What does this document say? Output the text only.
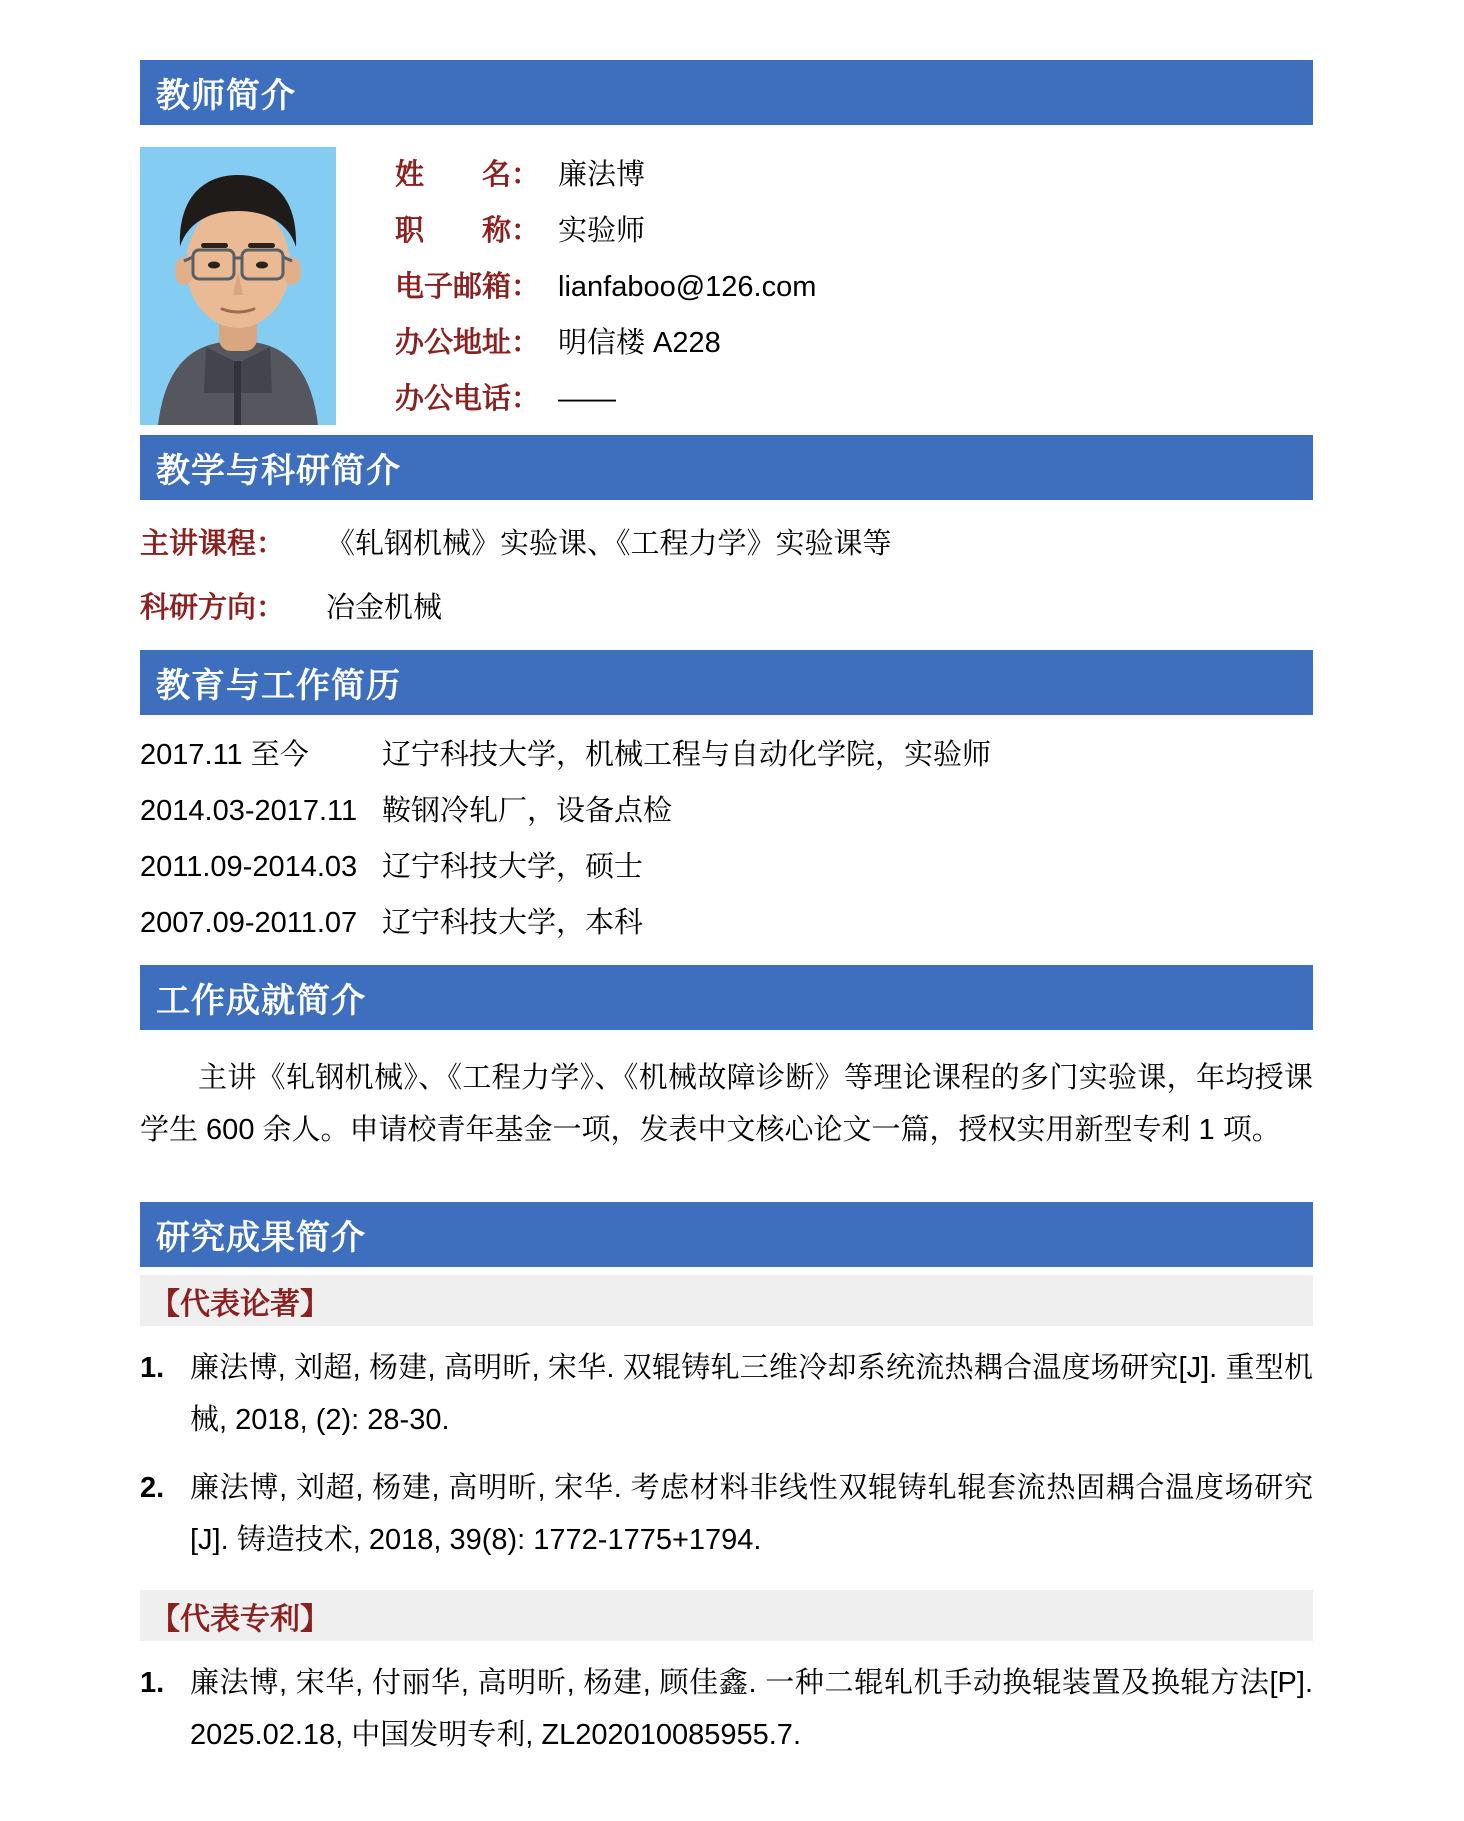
教师简介
姓　　名： 廉法博
职　　称： 实验师
电子邮箱： lianfaboo@126.com
办公地址： 明信楼 A228
办公电话： ——
教学与科研简介
主讲课程：	《轧钢机械》实验课、《工程力学》实验课等
科研方向：	冶金机械
教育与工作简历
2017.11 至今	辽宁科技大学，机械工程与自动化学院，实验师
2014.03-2017.11 鞍钢冷轧厂，设备点检
2011.09-2014.03 辽宁科技大学，硕士
2007.09-2011.07 辽宁科技大学，本科
工作成就简介

主讲《轧钢机械》、《工程力学》、《机械故障诊断》等理论课程的多门实验课，年均授课学生 600 余人。申请校青年基金一项，发表中文核心论文一篇，授权实用新型专利 1 项。

研究成果简介
【代表论著】
1. 廉法博, 刘超, 杨建, 高明昕, 宋华. 双辊铸轧三维冷却系统流热耦合温度场研究[J]. 重型机械, 2018, (2): 28-30.
2. 廉法博, 刘超, 杨建, 高明昕, 宋华. 考虑材料非线性双辊铸轧辊套流热固耦合温度场研究[J]. 铸造技术, 2018, 39(8): 1772-1775+1794.
【代表专利】
1. 廉法博, 宋华, 付丽华, 高明昕, 杨建, 顾佳鑫. 一种二辊轧机手动换辊装置及换辊方法[P]. 2025.02.18, 中国发明专利, ZL202010085955.7.
